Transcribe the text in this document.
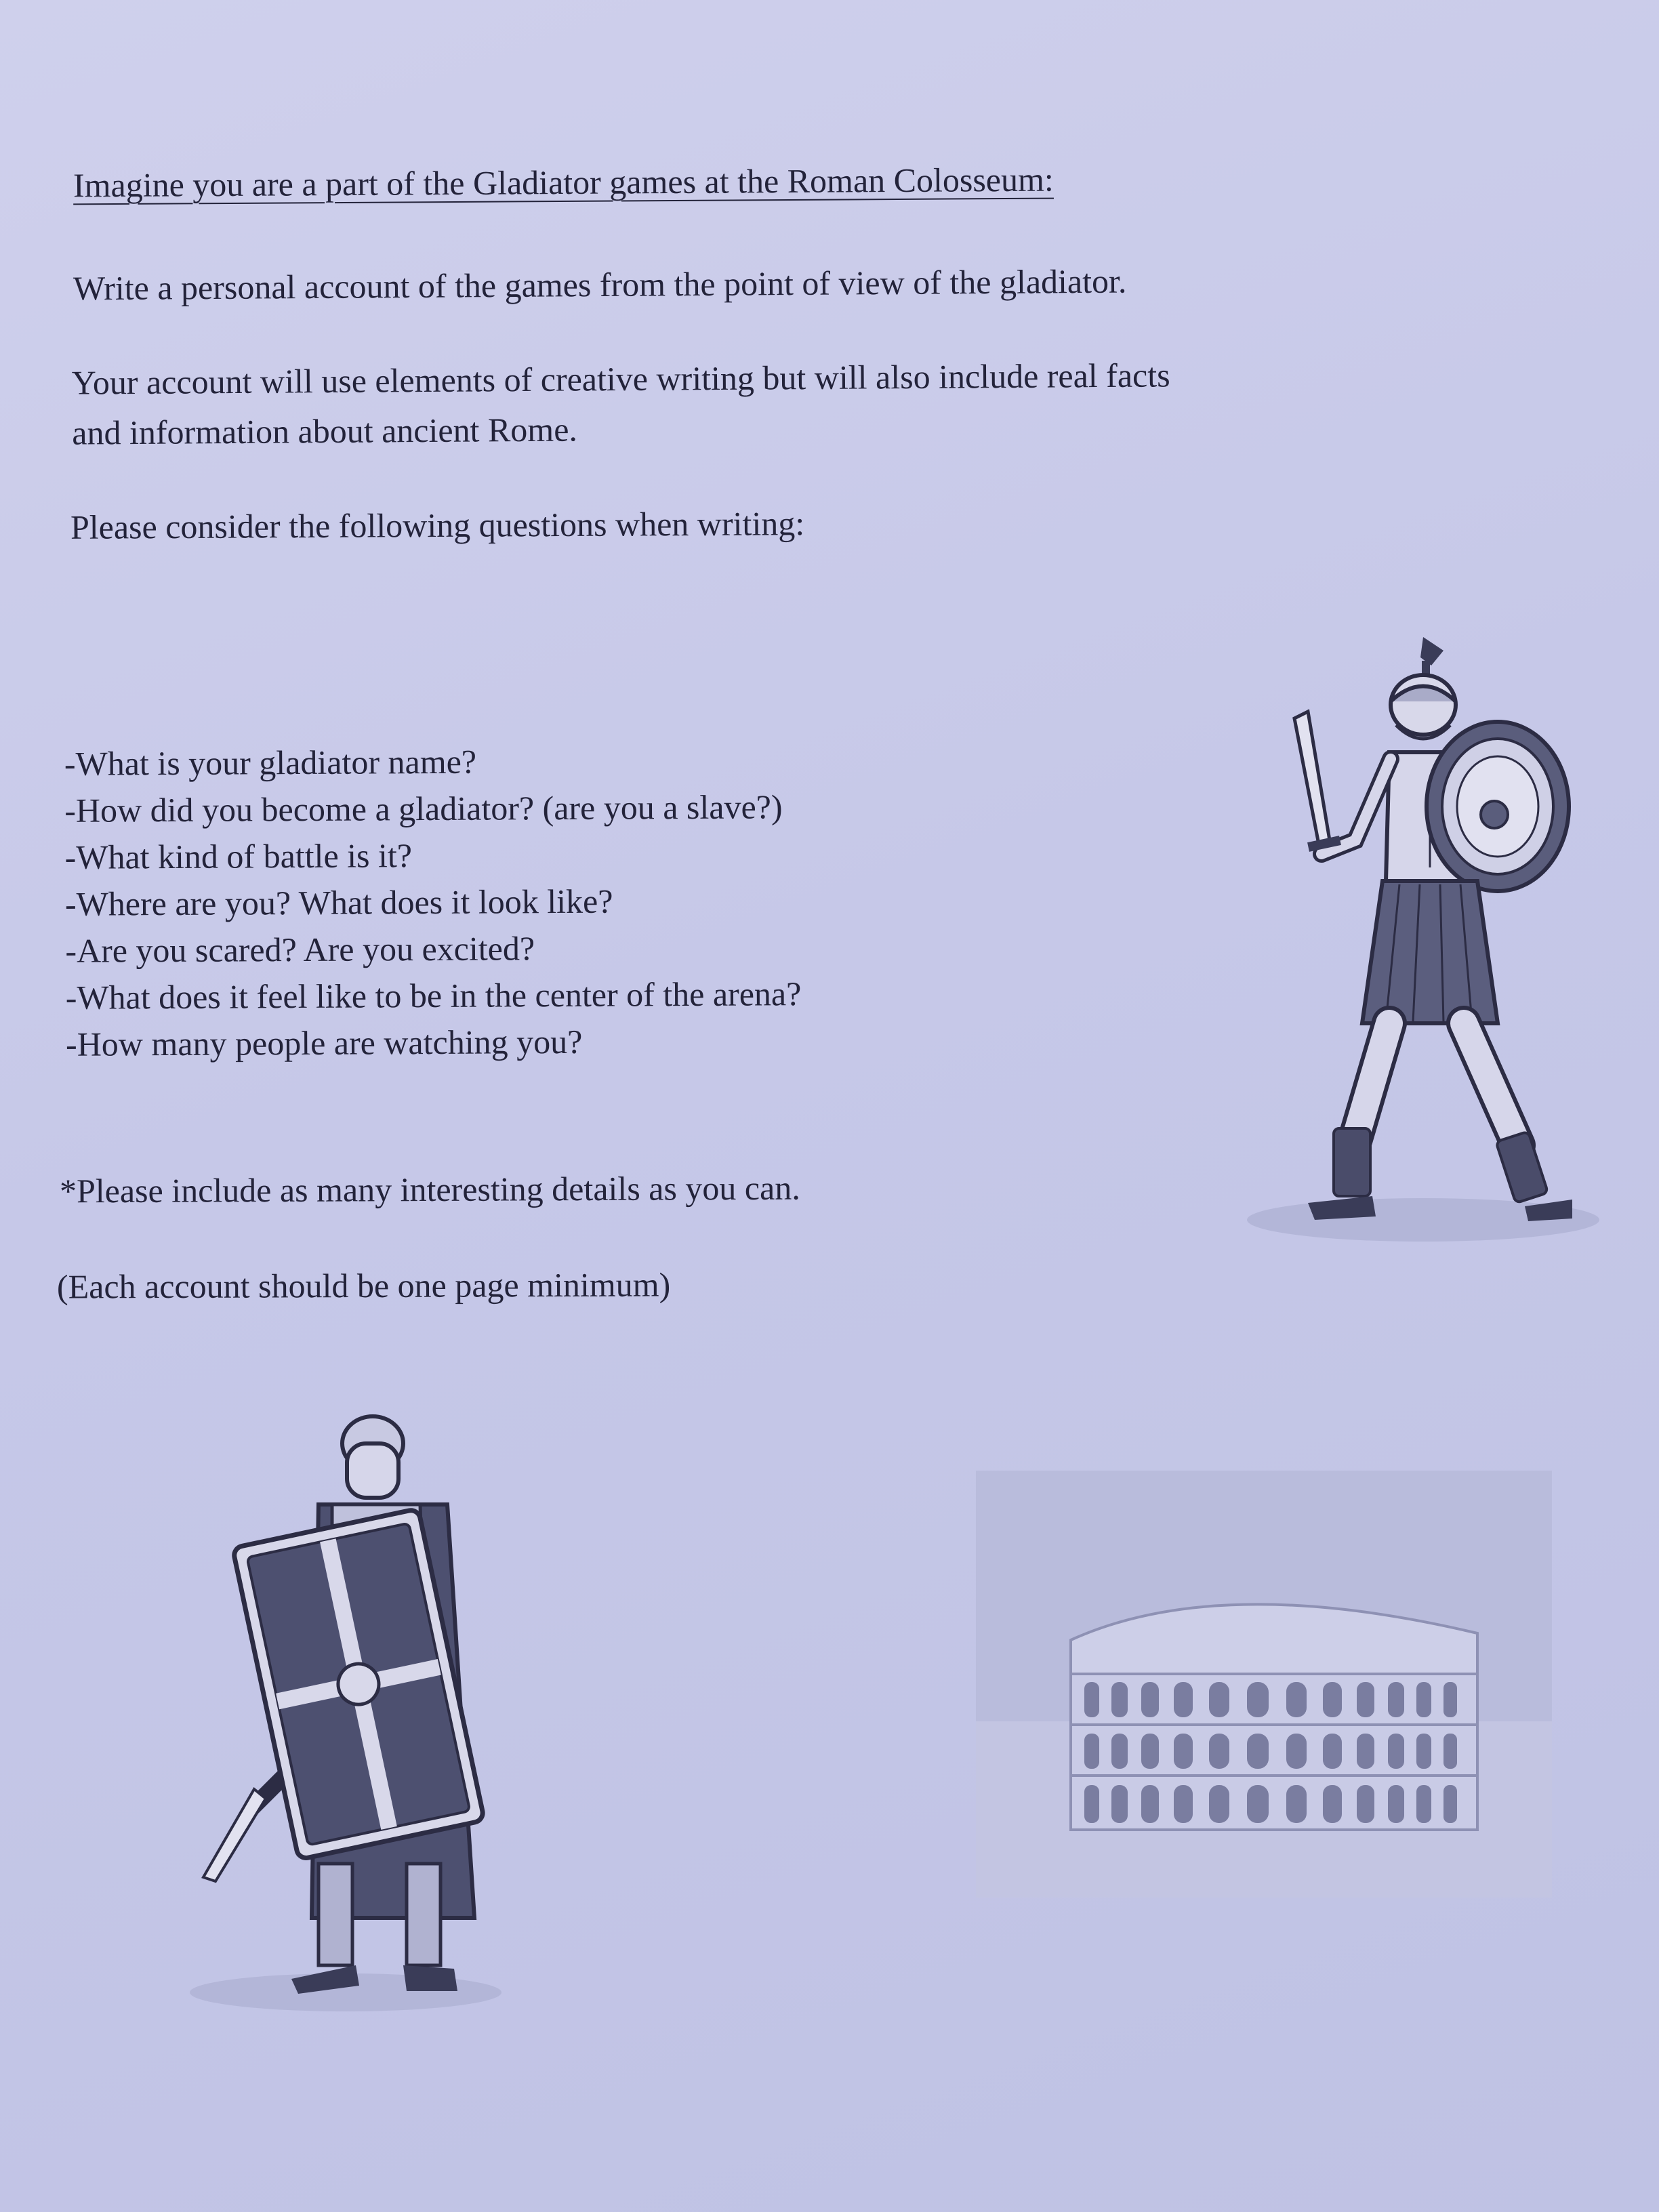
Imagine you are a part of the Gladiator games at the Roman Colosseum:

Write a personal account of the games from the point of view of the gladiator.

Your account will use elements of creative writing but will also include real facts
and information about ancient Rome.

Please consider the following questions when writing:

-What is your gladiator name?
-How did you become a gladiator? (are you a slave?)
-What kind of battle is it?
-Where are you? What does it look like?
-Are you scared? Are you excited?
-What does it feel like to be in the center of the arena?
-How many people are watching you?

*Please include as many interesting details as you can.

(Each account should be one page minimum)
